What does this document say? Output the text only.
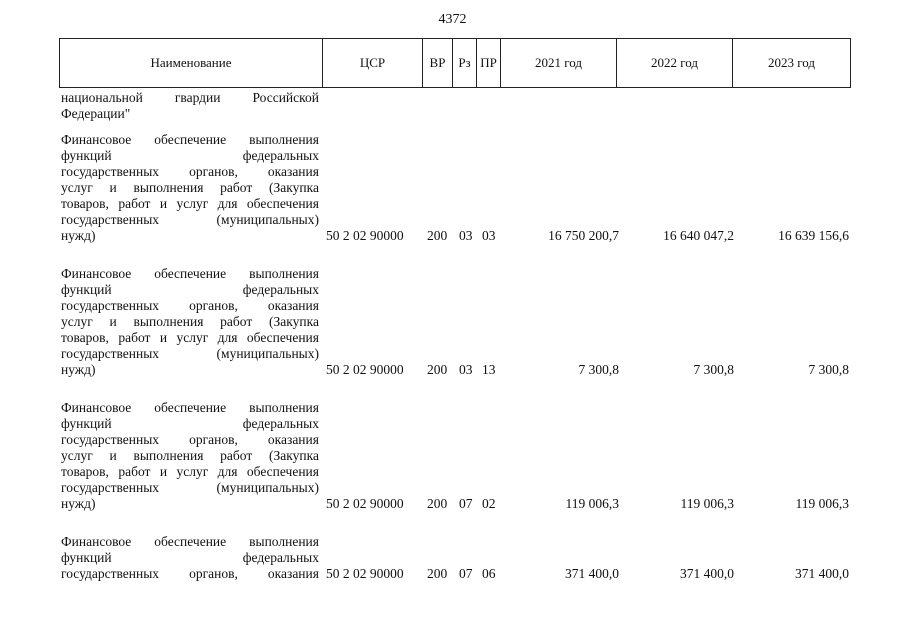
4372
Наименование	ЦСР	ВР Рз ПР	2021 год	2022 год	2023 год
национальной гвардии Российской
Федерации"
Финансовое обеспечение выполнения
функций	федеральных
государственных органов, оказания
услуг и выполнения работ (Закупка
товаров, работ и услуг для обеспечения
государственных	(муниципальных)
нужд)	50 2 02 90000 200 03 03	16 750 200,7	16 640 047,2	16 639 156,6
Финансовое обеспечение выполнения
функций	федеральных
государственных органов, оказания
услуг и выполнения работ (Закупка
товаров, работ и услуг для обеспечения
государственных	(муниципальных)
нужд)	50 2 02 90000 200 03 13	7 300,8	7 300,8	7 300,8
Финансовое обеспечение выполнения
функций	федеральных
государственных органов, оказания
услуг и выполнения работ (Закупка
товаров, работ и услуг для обеспечения
государственных	(муниципальных)
нужд)	50 2 02 90000 200 07 02	119 006,3	119 006,3	119 006,3
Финансовое обеспечение выполнения
функций	федеральных
государственных органов, оказания 50 2 02 90000 200 07 06	371 400,0	371 400,0	371 400,0
